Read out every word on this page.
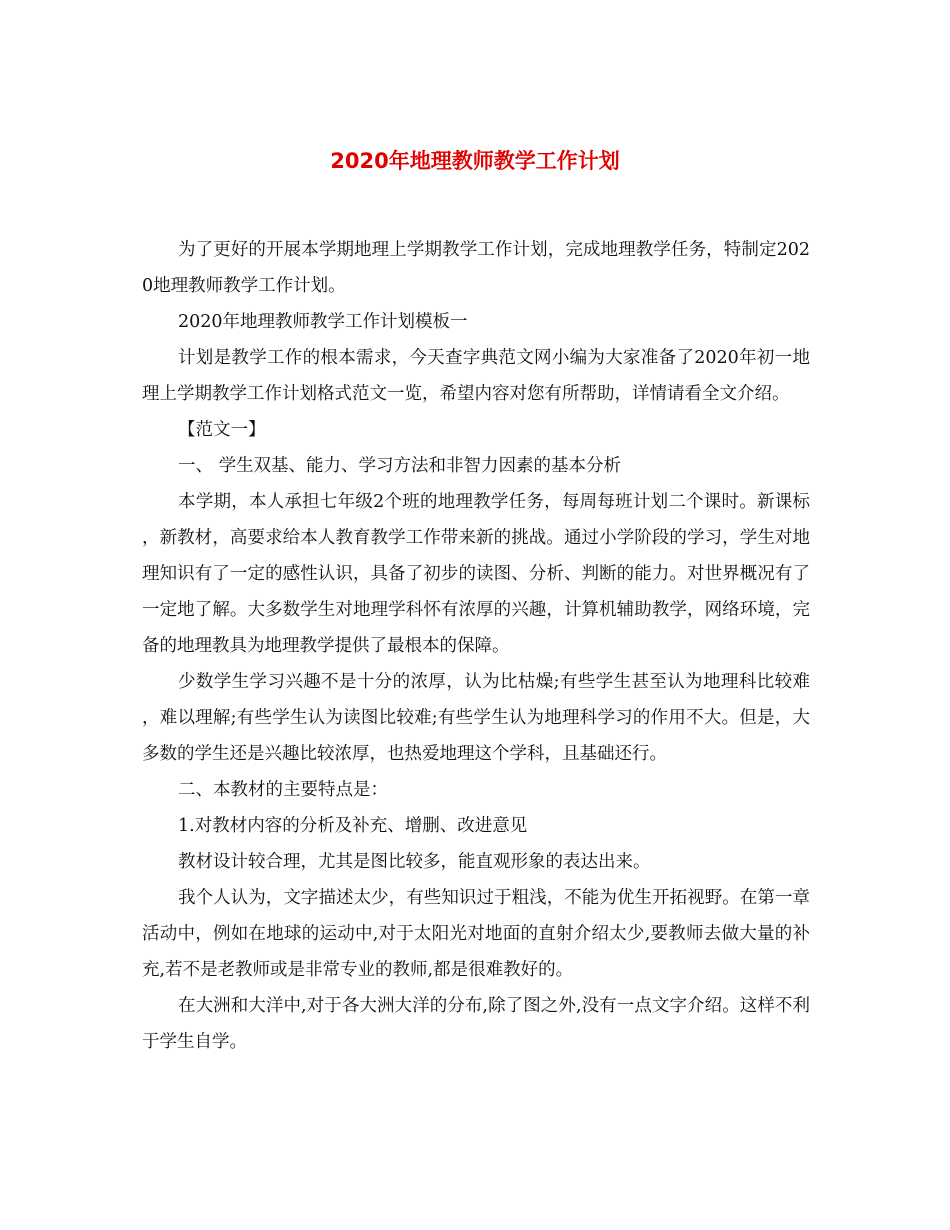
2020年地理教师教学工作计划

为了更好的开展本学期地理上学期教学工作计划，完成地理教学任务，特制定2020地理教师教学工作计划。

2020年地理教师教学工作计划模板一

计划是教学工作的根本需求，今天查字典范文网小编为大家准备了2020年初一地理上学期教学工作计划格式范文一览，希望内容对您有所帮助，详情请看全文介绍。

【范文一】

一、 学生双基、能力、学习方法和非智力因素的基本分析

本学期，本人承担七年级2个班的地理教学任务，每周每班计划二个课时。新课标，新教材，高要求给本人教育教学工作带来新的挑战。通过小学阶段的学习，学生对地理知识有了一定的感性认识，具备了初步的读图、分析、判断的能力。对世界概况有了一定地了解。大多数学生对地理学科怀有浓厚的兴趣，计算机辅助教学，网络环境，完备的地理教具为地理教学提供了最根本的保障。

少数学生学习兴趣不是十分的浓厚，认为比枯燥;有些学生甚至认为地理科比较难，难以理解;有些学生认为读图比较难;有些学生认为地理科学习的作用不大。但是，大多数的学生还是兴趣比较浓厚，也热爱地理这个学科，且基础还行。

二、本教材的主要特点是：

1.对教材内容的分析及补充、增删、改进意见

教材设计较合理，尤其是图比较多，能直观形象的表达出来。

我个人认为，文字描述太少，有些知识过于粗浅，不能为优生开拓视野。在第一章活动中，例如在地球的运动中,对于太阳光对地面的直射介绍太少,要教师去做大量的补充,若不是老教师或是非常专业的教师,都是很难教好的。

在大洲和大洋中,对于各大洲大洋的分布,除了图之外,没有一点文字介绍。这样不利于学生自学。
